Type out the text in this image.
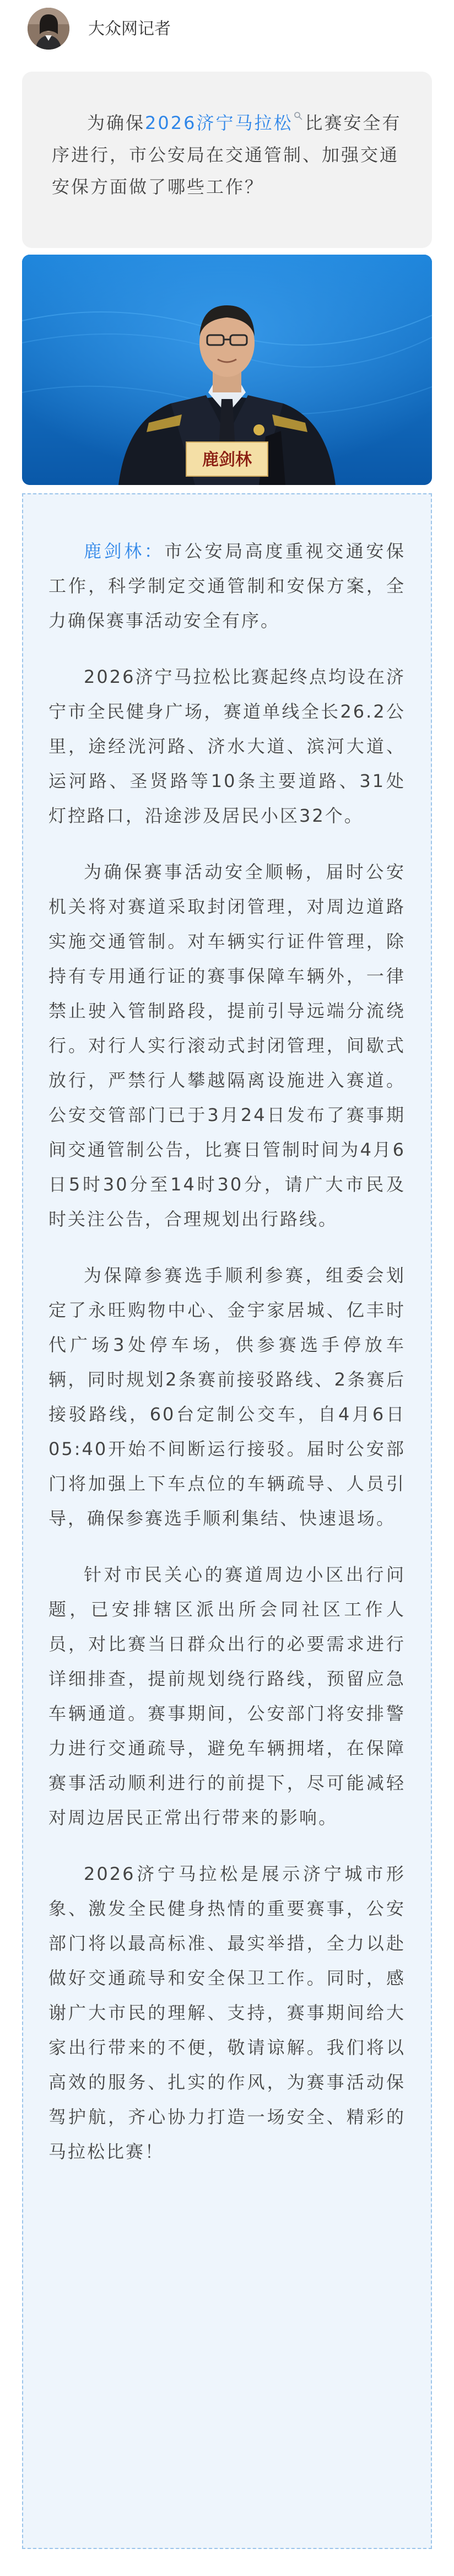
大众网记者
为确保2026济宁马拉松 比赛安全有序进行，市公安局在交通管制、加强交通安保方面做了哪些工作？
鹿剑林

鹿剑林：市公安局高度重视交通安保工作，科学制定交通管制和安保方案，全力确保赛事活动安全有序。

2026济宁马拉松比赛起终点均设在济宁市全民健身广场，赛道单线全长26.2公里，途经洸河路、济水大道、滨河大道、运河路、圣贤路等10条主要道路、31处灯控路口，沿途涉及居民小区32个。

为确保赛事活动安全顺畅，届时公安机关将对赛道采取封闭管理，对周边道路实施交通管制。对车辆实行证件管理，除持有专用通行证的赛事保障车辆外，一律禁止驶入管制路段，提前引导远端分流绕行。对行人实行滚动式封闭管理，间歇式放行，严禁行人攀越隔离设施进入赛道。公安交管部门已于3月24日发布了赛事期间交通管制公告，比赛日管制时间为4月6日5时30分至14时30分，请广大市民及时关注公告，合理规划出行路线。

为保障参赛选手顺利参赛，组委会划定了永旺购物中心、金宇家居城、亿丰时代广场3处停车场，供参赛选手停放车辆，同时规划2条赛前接驳路线、2条赛后接驳路线，60台定制公交车，自4月6日05:40开始不间断运行接驳。届时公安部门将加强上下车点位的车辆疏导、人员引导，确保参赛选手顺利集结、快速退场。

针对市民关心的赛道周边小区出行问题，已安排辖区派出所会同社区工作人员，对比赛当日群众出行的必要需求进行详细排查，提前规划绕行路线，预留应急车辆通道。赛事期间，公安部门将安排警力进行交通疏导，避免车辆拥堵，在保障赛事活动顺利进行的前提下，尽可能减轻对周边居民正常出行带来的影响。

2026济宁马拉松是展示济宁城市形象、激发全民健身热情的重要赛事，公安部门将以最高标准、最实举措，全力以赴做好交通疏导和安全保卫工作。同时，感谢广大市民的理解、支持，赛事期间给大家出行带来的不便，敬请谅解。我们将以高效的服务、扎实的作风，为赛事活动保驾护航，齐心协力打造一场安全、精彩的马拉松比赛！
